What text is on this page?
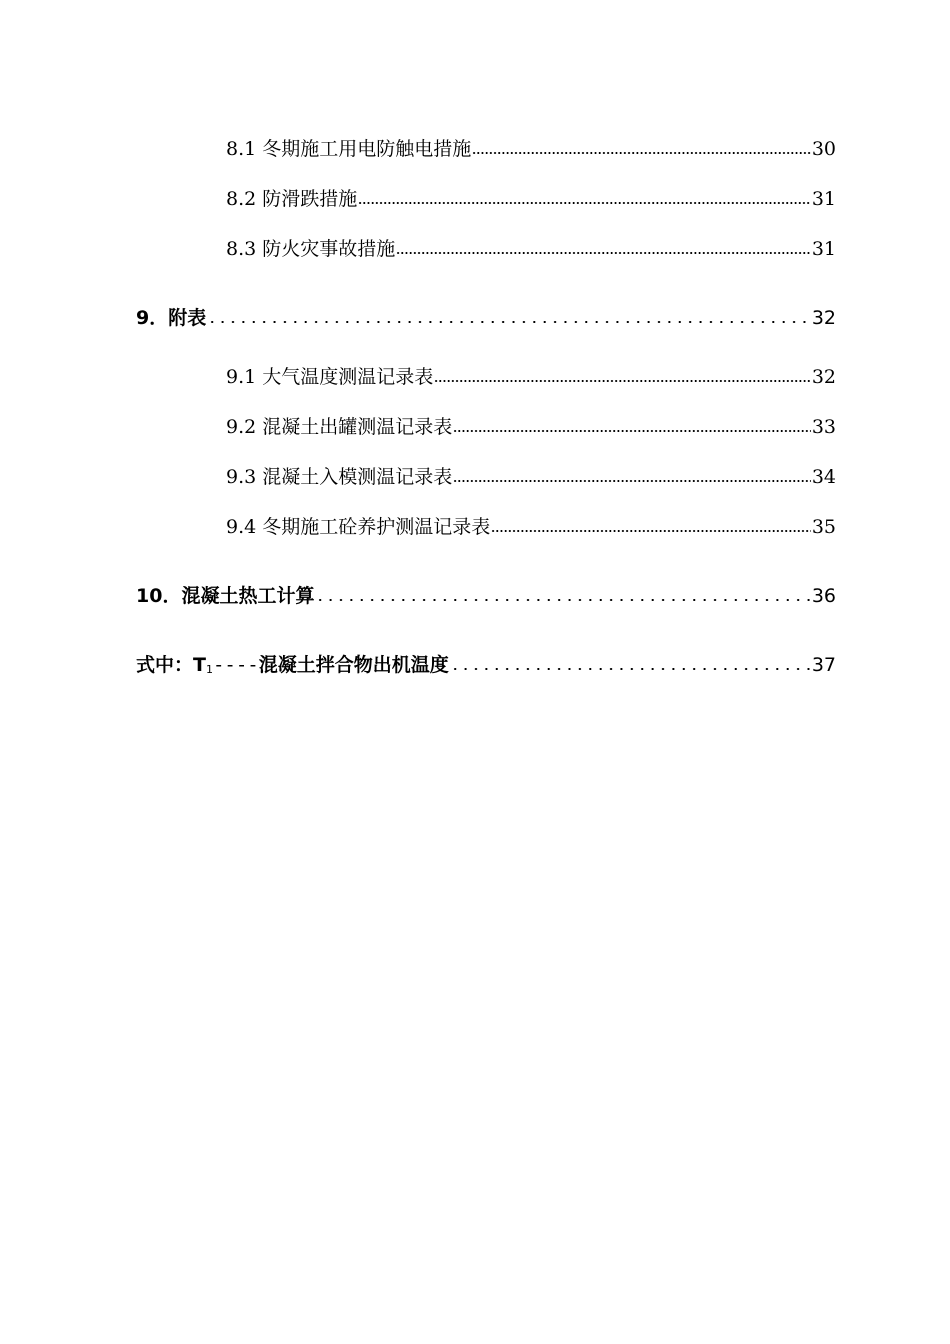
8.1 冬期施工用电防触电措施	30
8.2 防滑跌措施	31
8.3 防火灾事故措施	31
9．附表	32
9.1 大气温度测温记录表	32
9.2 混凝土出罐测温记录表	33
9.3 混凝土入模测温记录表	34
9.4 冬期施工砼养护测温记录表	35
10．混凝土热工计算	36
式中：T1----混凝土拌合物出机温度	37
